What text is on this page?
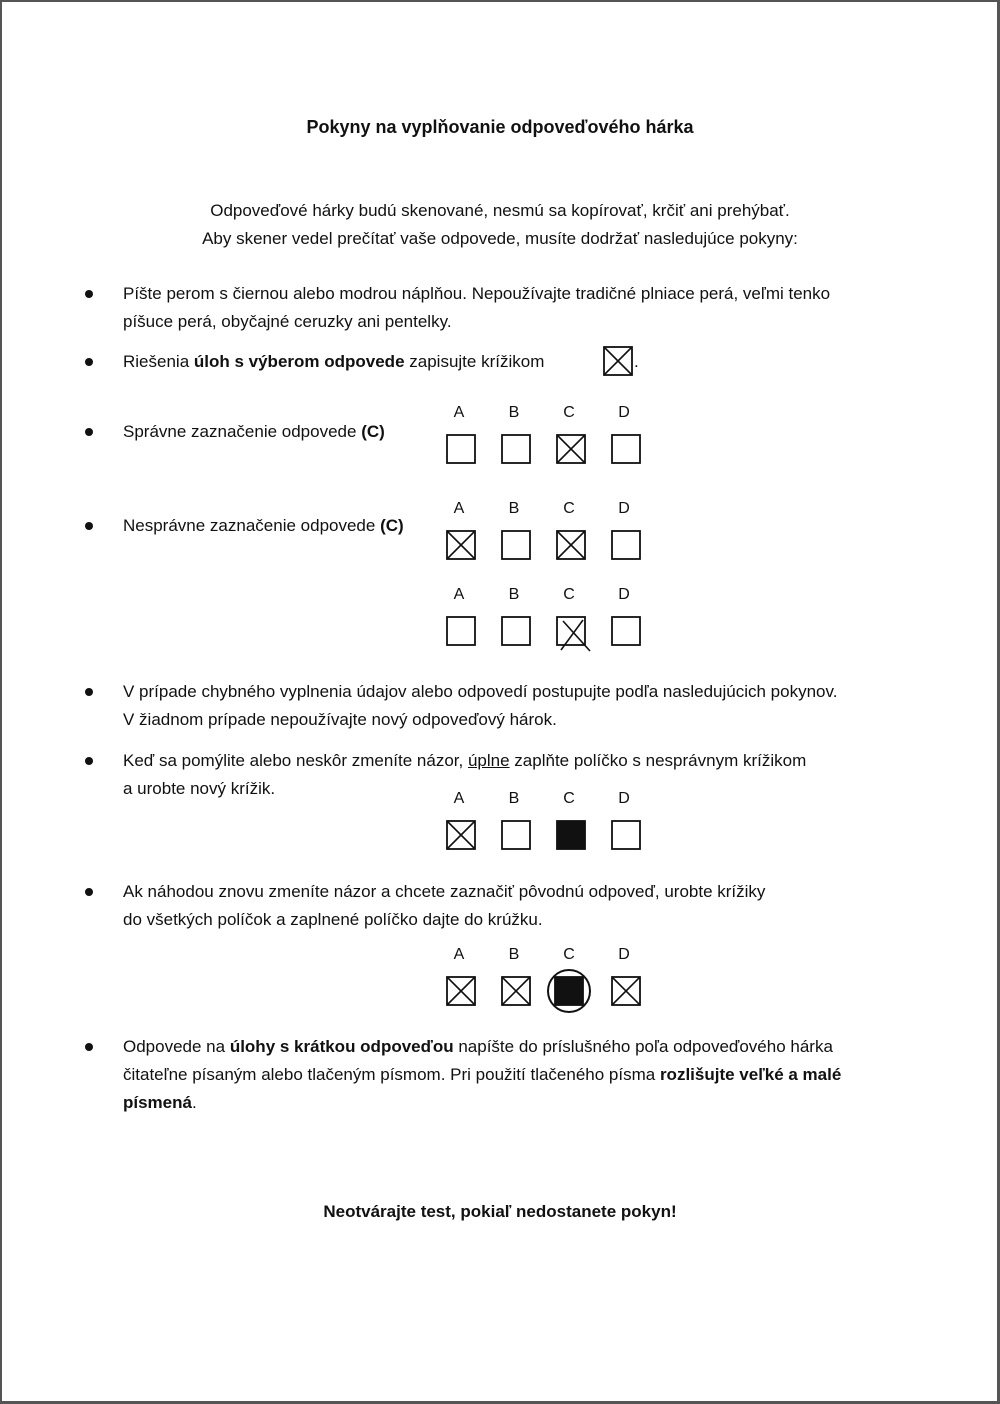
Pokyny na vyplňovanie odpoveďového hárka
Odpoveďové hárky budú skenované, nesmú sa kopírovať, krčiť ani prehýbať.
Aby skener vedel prečítať vaše odpovede, musíte dodržať nasledujúce pokyny:
Píšte perom s čiernou alebo modrou náplňou. Nepoužívajte tradičné plniace perá, veľmi tenko
píšuce perá, obyčajné ceruzky ani pentelky.
Riešenia úloh s výberom odpovede zapisujte krížikom	.
Správne zaznačenie odpovede (C)
A	B	C	D
Nesprávne zaznačenie odpovede (C)
A	B	C	D
A	B	C	D
V prípade chybného vyplnenia údajov alebo odpovedí postupujte podľa nasledujúcich pokynov.
V žiadnom prípade nepoužívajte nový odpoveďový hárok.
Keď sa pomýlite alebo neskôr zmeníte názor, úplne zaplňte políčko s nesprávnym krížikom
a urobte nový krížik.
A	B	C	D
Ak náhodou znovu zmeníte názor a chcete zaznačiť pôvodnú odpoveď, urobte krížiky
do všetkých políčok a zaplnené políčko dajte do krúžku.
A	B	C	D
Odpovede na úlohy s krátkou odpoveďou napíšte do príslušného poľa odpoveďového hárka
čitateľne písaným alebo tlačeným písmom. Pri použití tlačeného písma rozlišujte veľké a malé
písmená.
Neotvárajte test, pokiaľ nedostanete pokyn!
